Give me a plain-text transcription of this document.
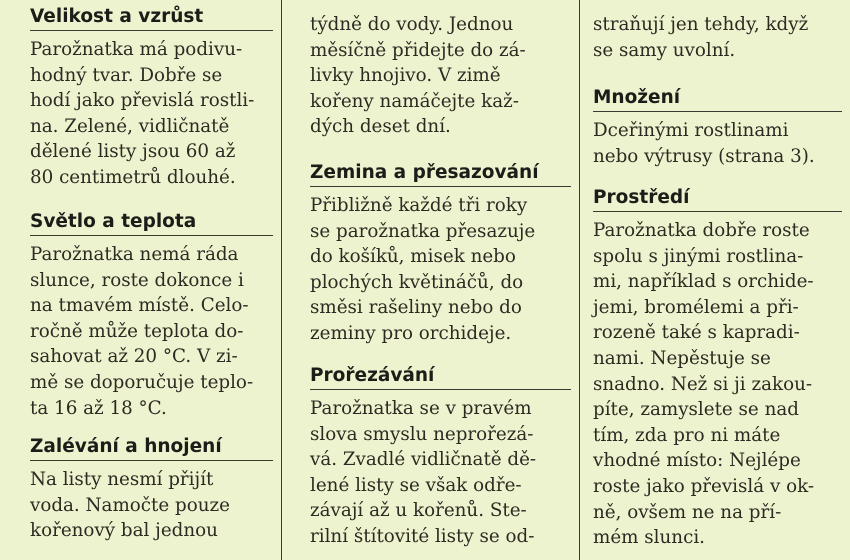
Velikost a vzrůst
Parožnatka má podivu-
hodný tvar. Dobře se
hodí jako převislá rostli-
na. Zelené, vidličnatě
dělené listy jsou 60 až
80 centimetrů dlouhé.
Světlo a teplota
Parožnatka nemá ráda
slunce, roste dokonce i
na tmavém místě. Celo-
ročně může teplota do-
sahovat až 20 °C. V zi-
mě se doporučuje teplo-
ta 16 až 18 °C.
Zalévání a hnojení
Na listy nesmí přijít
voda. Namočte pouze
kořenový bal jednou
týdně do vody. Jednou
měsíčně přidejte do zá-
livky hnojivo. V zimě
kořeny namáčejte kaž-
dých deset dní.
Zemina a přesazování
Přibližně každé tři roky
se parožnatka přesazuje
do košíků, misek nebo
plochých květináčů, do
směsi rašeliny nebo do
zeminy pro orchideje.
Prořezávání
Parožnatka se v pravém
slova smyslu neprořezá-
vá. Zvadlé vidličnatě dě-
lené listy se však odře-
závají až u kořenů. Ste-
rilní štítovité listy se od-
straňují jen tehdy, když
se samy uvolní.
Množení
Dceřinými rostlinami
nebo výtrusy (strana 3).
Prostředí
Parožnatka dobře roste
spolu s jinými rostlina-
mi, například s orchide-
jemi, bromélemi a při-
rozeně také s kapradi-
nami. Nepěstuje se
snadno. Než si ji zakou-
píte, zamyslete se nad
tím, zda pro ni máte
vhodné místo: Nejlépe
roste jako převislá v ok-
ně, ovšem ne na pří-
mém slunci.
